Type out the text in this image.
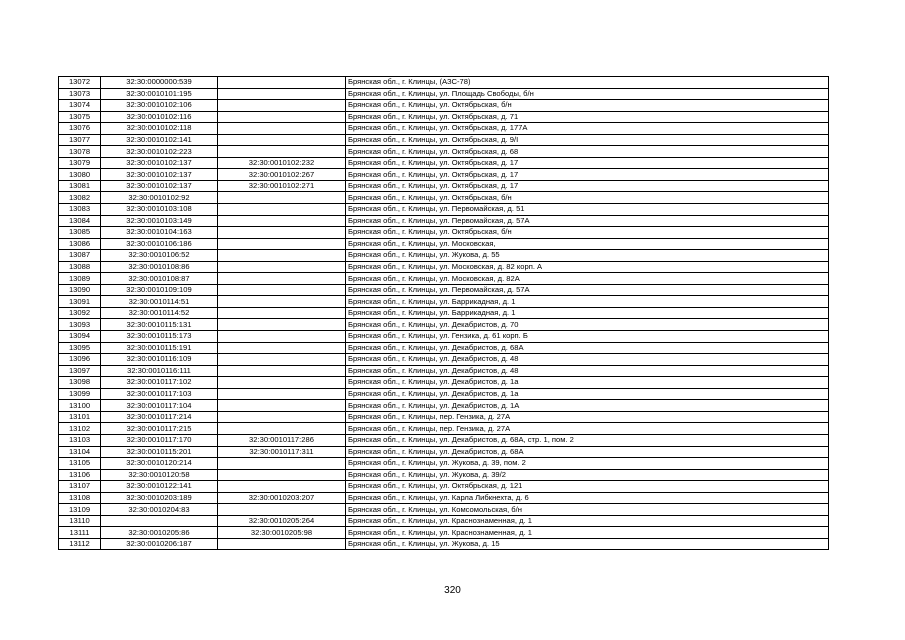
13072	32:30:0000000:539		Брянская обл., г. Клинцы, (АЗС-78)
13073	32:30:0010101:195		Брянская обл., г. Клинцы, ул. Площадь Свободы, б/н
13074	32:30:0010102:106		Брянская обл., г. Клинцы, ул. Октябрьская, б/н
13075	32:30:0010102:116		Брянская обл., г. Клинцы, ул. Октябрьская, д. 71
13076	32:30:0010102:118		Брянская обл., г. Клинцы, ул. Октябрьская, д. 177А
13077	32:30:0010102:141		Брянская обл., г. Клинцы, ул. Октябрьская, д. 9/I
13078	32:30:0010102:223		Брянская обл., г. Клинцы, ул. Октябрьская, д. 68
13079	32:30:0010102:137	32:30:0010102:232	Брянская обл., г. Клинцы, ул. Октябрьская, д. 17
13080	32:30:0010102:137	32:30:0010102:267	Брянская обл., г. Клинцы, ул. Октябрьская, д. 17
13081	32:30:0010102:137	32:30:0010102:271	Брянская обл., г. Клинцы, ул. Октябрьская, д. 17
13082	32:30:0010102:92		Брянская обл., г. Клинцы, ул. Октябрьская, б/н
13083	32:30:0010103:108		Брянская обл., г. Клинцы, ул. Первомайская, д. 51
13084	32:30:0010103:149		Брянская обл., г. Клинцы, ул. Первомайская, д. 57А
13085	32:30:0010104:163		Брянская обл., г. Клинцы, ул. Октябрьская, б/н
13086	32:30:0010106:186		Брянская обл., г. Клинцы, ул. Московская,
13087	32:30:0010106:52		Брянская обл., г. Клинцы, ул. Жукова, д. 55
13088	32:30:0010108:86		Брянская обл., г. Клинцы, ул. Московская, д. 82 корп. А
13089	32:30:0010108:87		Брянская обл., г. Клинцы, ул. Московская, д. 82А
13090	32:30:0010109:109		Брянская обл., г. Клинцы, ул. Первомайская, д. 57А
13091	32:30:0010114:51		Брянская обл., г. Клинцы, ул. Баррикадная, д. 1
13092	32:30:0010114:52		Брянская обл., г. Клинцы, ул. Баррикадная, д. 1
13093	32:30:0010115:131		Брянская обл., г. Клинцы, ул. Декабристов, д. 70
13094	32:30:0010115:173		Брянская обл., г. Клинцы, ул. Гензика, д. 61 корп. Б
13095	32:30:0010115:191		Брянская обл., г. Клинцы, ул. Декабристов, д. 68А
13096	32:30:0010116:109		Брянская обл., г. Клинцы, ул. Декабристов, д. 48
13097	32:30:0010116:111		Брянская обл., г. Клинцы, ул. Декабристов, д. 48
13098	32:30:0010117:102		Брянская обл., г. Клинцы, ул. Декабристов, д. 1а
13099	32:30:0010117:103		Брянская обл., г. Клинцы, ул. Декабристов, д. 1а
13100	32:30:0010117:104		Брянская обл., г. Клинцы, ул. Декабристов, д. 1А
13101	32:30:0010117:214		Брянская обл., г. Клинцы, пер. Гензика, д. 27А
13102	32:30:0010117:215		Брянская обл., г. Клинцы, пер. Гензика, д. 27А
13103	32:30:0010117:170	32:30:0010117:286	Брянская обл., г. Клинцы, ул. Декабристов, д. 68А, стр. 1, пом. 2
13104	32:30:0010115:201	32:30:0010117:311	Брянская обл., г. Клинцы, ул. Декабристов, д. 68А
13105	32:30:0010120:214		Брянская обл., г. Клинцы, ул. Жукова, д. 39, пом. 2
13106	32:30:0010120:58		Брянская обл., г. Клинцы, ул. Жукова, д. 39/2
13107	32:30:0010122:141		Брянская обл., г. Клинцы, ул. Октябрьская, д. 121
13108	32:30:0010203:189	32:30:0010203:207	Брянская обл., г. Клинцы, ул. Карла Либкнехта, д. 6
13109	32:30:0010204:83		Брянская обл., г. Клинцы, ул. Комсомольская, б/н
13110		32:30:0010205:264	Брянская обл., г. Клинцы, ул. Краснознаменная, д. 1
13111	32:30:0010205:86	32:30:0010205:98	Брянская обл., г. Клинцы, ул. Краснознаменная, д. 1
13112	32:30:0010206:187		Брянская обл., г. Клинцы, ул. Жукова, д. 15
320
